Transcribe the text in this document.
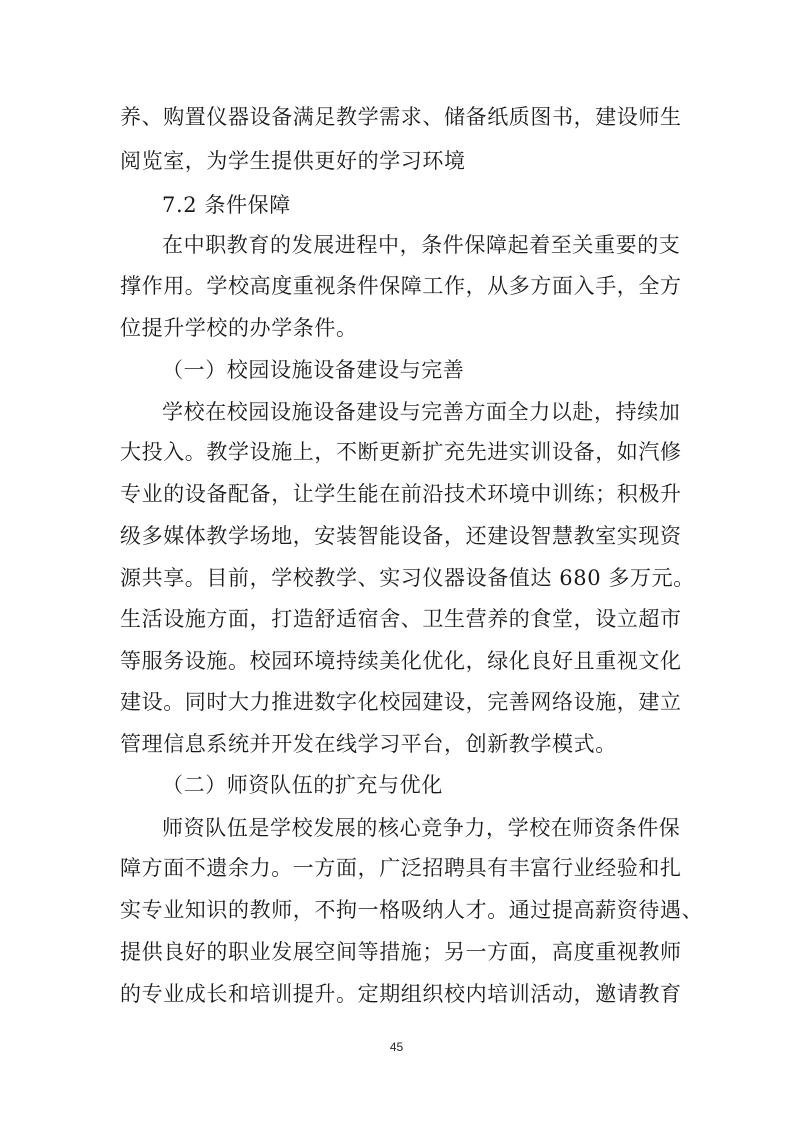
养、购置仪器设备满足教学需求、储备纸质图书，建设师生
阅览室，为学生提供更好的学习环境
7.2 条件保障
在中职教育的发展进程中，条件保障起着至关重要的支
撑作用。学校高度重视条件保障工作，从多方面入手，全方
位提升学校的办学条件。
（一）校园设施设备建设与完善
学校在校园设施设备建设与完善方面全力以赴，持续加
大投入。教学设施上，不断更新扩充先进实训设备，如汽修
专业的设备配备，让学生能在前沿技术环境中训练；积极升
级多媒体教学场地，安装智能设备，还建设智慧教室实现资
源共享。目前，学校教学、实习仪器设备值达 680 多万元。
生活设施方面，打造舒适宿舍、卫生营养的食堂，设立超市
等服务设施。校园环境持续美化优化，绿化良好且重视文化
建设。同时大力推进数字化校园建设，完善网络设施，建立
管理信息系统并开发在线学习平台，创新教学模式。
（二）师资队伍的扩充与优化
师资队伍是学校发展的核心竞争力，学校在师资条件保
障方面不遗余力。一方面，广泛招聘具有丰富行业经验和扎
实专业知识的教师，不拘一格吸纳人才。通过提高薪资待遇、
提供良好的职业发展空间等措施；另一方面，高度重视教师
的专业成长和培训提升。定期组织校内培训活动，邀请教育
45
